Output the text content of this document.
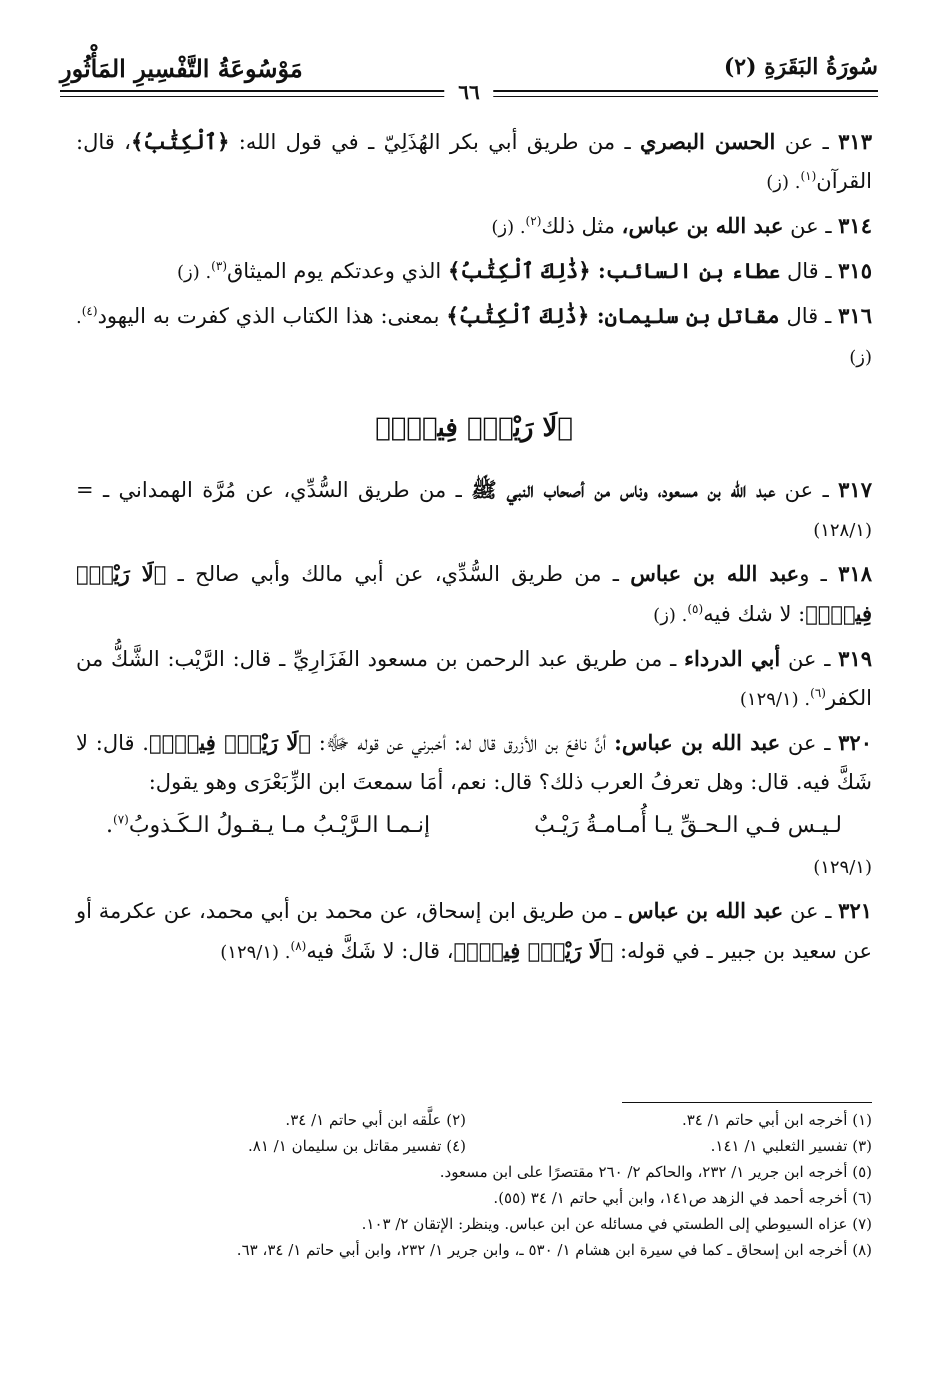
سُورَةُ البَقَرَةِ (٢)
مَوْسُوعَةُ التَّفْسِيرِ المَأْثُورِ
٦٦

٣١٣ ـ عن الحسن البصري ـ من طريق أبي بكر الهُذَلِيّ ـ في قول الله: ﴿ٱلْكِتَٰبُ﴾، قال: القرآن$^{(١)}$. (ز)

٣١٤ ـ عن عبد الله بن عباس، مثل ذلك$^{(٢)}$. (ز)

٣١٥ ـ قال عطاء بن السائب: ﴿ذَٰلِكَ ٱلْكِتَٰبُ﴾ الذي وعدتكم يوم الميثاق$^{(٣)}$. (ز)

٣١٦ ـ قال مقاتل بن سليمان: ﴿ذَٰلِكَ ٱلْكِتَٰبُ﴾ بمعنى: هذا الكتاب الذي كفرت به اليهود$^{(٤)}$. (ز)

﴿لَا رَيْبَۛ فِيهِۛ﴾

٣١٧ ـ عن عبد الله بن مسعود، وناس من أصحاب النبي ﷺ ـ من طريق السُّدِّي، عن مُرَّة الهمداني ـ = (١٢٨/١)

٣١٨ ـ وعبد الله بن عباس ـ من طريق السُّدِّي، عن أبي مالك وأبي صالح ـ ﴿لَا رَيْبَۛ فِيهِۛ﴾: لا شك فيه$^{(٥)}$. (ز)

٣١٩ ـ عن أبي الدرداء ـ من طريق عبد الرحمن بن مسعود الفَزَارِيِّ ـ قال: الرَّيْب: الشَّكُّ من الكفر$^{(٦)}$. (١٢٩/١)

٣٢٠ ـ عن عبد الله بن عباس: أنَّ نافعَ بن الأزرق قال له: أخبرني عن قوله ﷻ: ﴿لَا رَيْبَۛ فِيهِۛ﴾. قال: لا شَكَّ فيه. قال: وهل تعرفُ العرب ذلك؟ قال: نعم، أمَا سمعتَ ابن الزِّبَعْرَى وهو يقول:

لـيـس فـي الـحـقِّ يـا أُمـامـةُ رَيْـبٌ
إنـمـا الـرَّيْـبُ مـا يـقـولُ الـكَـذوبُ$^{(٧)}$.

(١٢٩/١)

٣٢١ ـ عن عبد الله بن عباس ـ من طريق ابن إسحاق، عن محمد بن أبي محمد، عن عكرمة أو عن سعيد بن جبير ـ في قوله: ﴿لَا رَيْبَۛ فِيهِۛ﴾، قال: لا شَكَّ فيه$^{(٨)}$. (١٢٩/١)

(١) أخرجه ابن أبي حاتم ١/ ٣٤.
(٢) علَّقه ابن أبي حاتم ١/ ٣٤.
(٣) تفسير الثعلبي ١/ ١٤١.
(٤) تفسير مقاتل بن سليمان ١/ ٨١.
(٥) أخرجه ابن جرير ١/ ٢٣٢، والحاكم ٢/ ٢٦٠ مقتصرًا على ابن مسعود.
(٦) أخرجه أحمد في الزهد ص١٤١، وابن أبي حاتم ١/ ٣٤ (٥٥).
(٧) عزاه السيوطي إلى الطستي في مسائله عن ابن عباس. وينظر: الإتقان ٢/ ١٠٣.
(٨) أخرجه ابن إسحاق ـ كما في سيرة ابن هشام ١/ ٥٣٠ ـ، وابن جرير ١/ ٢٣٢، وابن أبي حاتم ١/ ٣٤، ٦٣.
